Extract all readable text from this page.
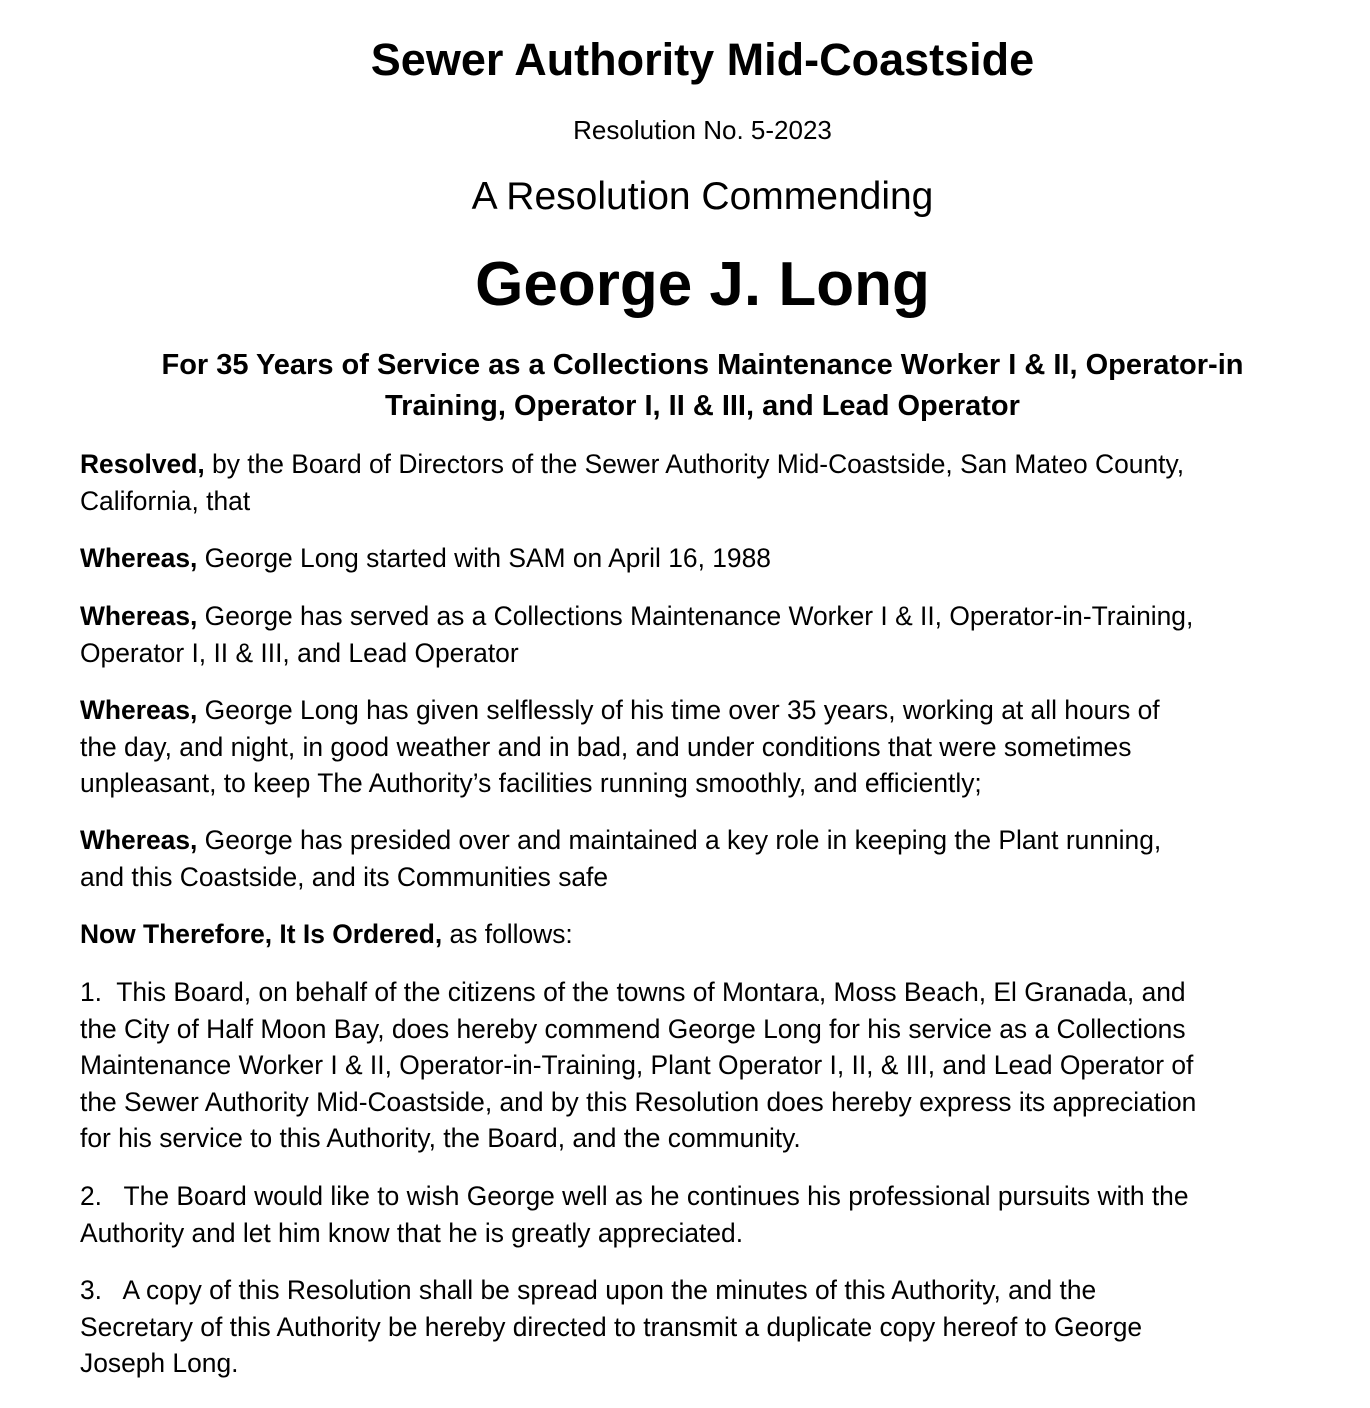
Sewer Authority Mid-Coastside
Resolution No. 5-2023
A Resolution Commending
George J. Long
For 35 Years of Service as a Collections Maintenance Worker I & II, Operator-in
Training, Operator I, II & III, and Lead Operator
Resolved, by the Board of Directors of the Sewer Authority Mid-Coastside, San Mateo County,
California, that
Whereas, George Long started with SAM on April 16, 1988
Whereas, George has served as a Collections Maintenance Worker I & II, Operator-in-Training,
Operator I, II & III, and Lead Operator
Whereas, George Long has given selflessly of his time over 35 years, working at all hours of
the day, and night, in good weather and in bad, and under conditions that were sometimes
unpleasant, to keep The Authority’s facilities running smoothly, and efficiently;
Whereas, George has presided over and maintained a key role in keeping the Plant running,
and this Coastside, and its Communities safe
Now Therefore, It Is Ordered, as follows:
1.  This Board, on behalf of the citizens of the towns of Montara, Moss Beach, El Granada, and
the City of Half Moon Bay, does hereby commend George Long for his service as a Collections
Maintenance Worker I & II, Operator-in-Training, Plant Operator I, II, & III, and Lead Operator of
the Sewer Authority Mid-Coastside, and by this Resolution does hereby express its appreciation
for his service to this Authority, the Board, and the community.
2.   The Board would like to wish George well as he continues his professional pursuits with the
Authority and let him know that he is greatly appreciated.
3.   A copy of this Resolution shall be spread upon the minutes of this Authority, and the
Secretary of this Authority be hereby directed to transmit a duplicate copy hereof to George
Joseph Long.
